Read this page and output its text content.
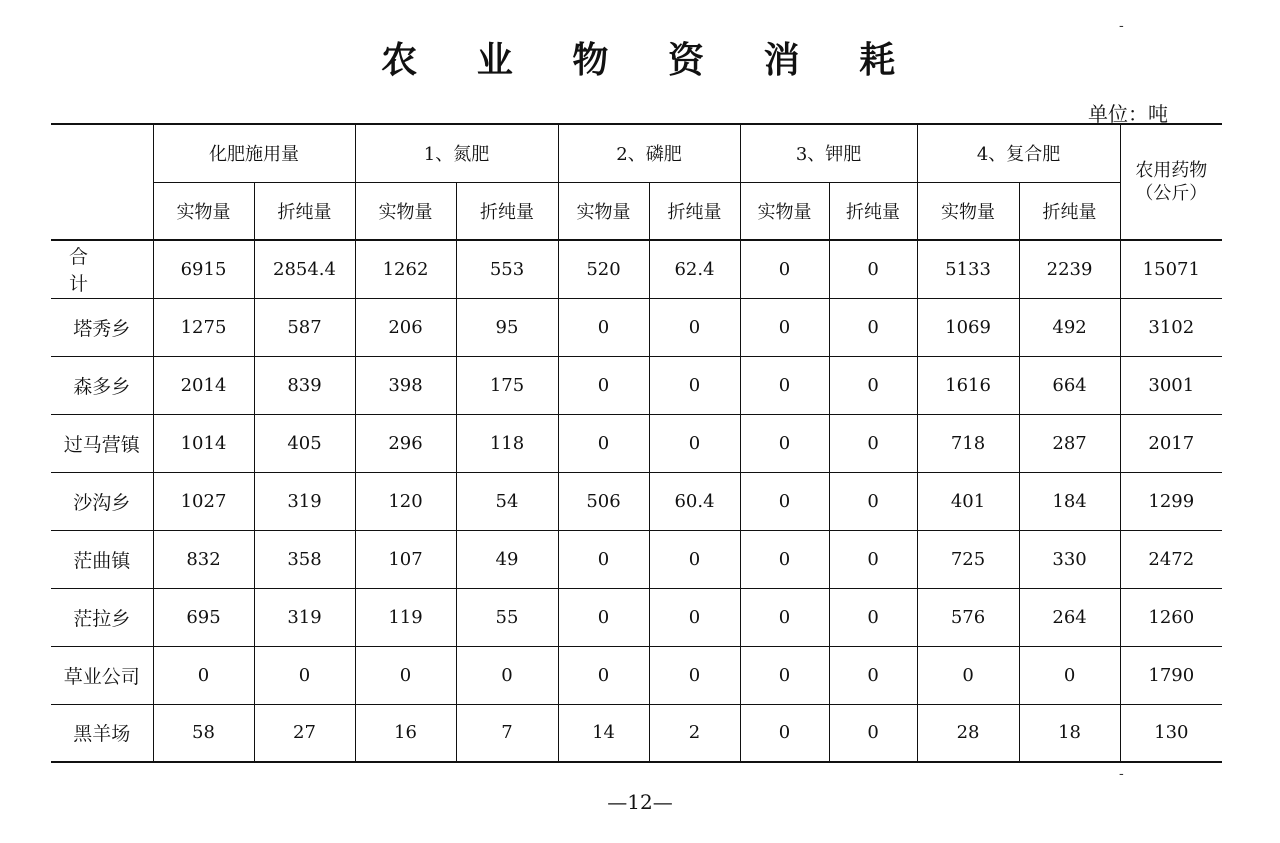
-
农 业 物 资 消 耗
单位：吨
	化肥施用量		1、氮肥		2、磷肥		3、钾肥		4、复合肥		农用药物
（公斤）

	实物量	折纯量	实物量	折纯量	实物量	折纯量	实物量	折纯量	实物量	折纯量	
合　　计	6915	2854.4	1262	553	520	62.4	0	0	5133	2239	15071
塔秀乡	1275	587	206	95	0	0	0	0	1069	492	3102
森多乡	2014	839	398	175	0	0	0	0	1616	664	3001
过马营镇	1014	405	296	118	0	0	0	0	718	287	2017
沙沟乡	1027	319	120	54	506	60.4	0	0	401	184	1299
茫曲镇	832	358	107	49	0	0	0	0	725	330	2472
茫拉乡	695	319	119	55	0	0	0	0	576	264	1260
草业公司	0	0	0	0	0	0	0	0	0	0	1790
黑羊场	58	27	16	7	14	2	0	0	28	18	130
-
—12—
